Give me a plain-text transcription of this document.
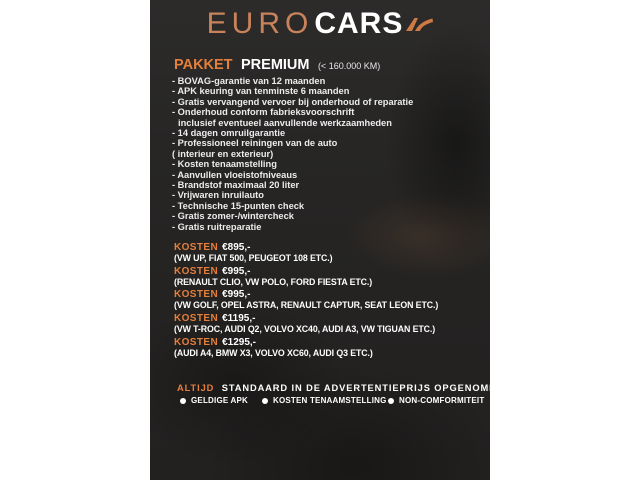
EURO CARS
PAKKET PREMIUM (< 160.000 KM)
- BOVAG-garantie van 12 maanden
- APK keuring van tenminste 6 maanden
- Gratis vervangend vervoer bij onderhoud of reparatie
- Onderhoud conform fabrieksvoorschrift
inclusief eventueel aanvullende werkzaamheden
- 14 dagen omruilgarantie
- Professioneel reiningen van de auto
( interieur en exterieur)
- Kosten tenaamstelling
- Aanvullen vloeistofniveaus
- Brandstof maximaal 20 liter
- Vrijwaren inruilauto
- Technische 15-punten check
- Gratis zomer-/wintercheck
- Gratis ruitreparatie
KOSTEN €895,-
(VW UP, FIAT 500, PEUGEOT 108 ETC.)
KOSTEN €995,-
(RENAULT CLIO, VW POLO, FORD FIESTA ETC.)
KOSTEN €995,-
(VW GOLF, OPEL ASTRA, RENAULT CAPTUR, SEAT LEON ETC.)
KOSTEN €1195,-
(VW T-ROC, AUDI Q2, VOLVO XC40, AUDI A3, VW TIGUAN ETC.)
KOSTEN €1295,-
(AUDI A4, BMW X3, VOLVO XC60, AUDI Q3 ETC.)
ALTIJD STANDAARD IN DE ADVERTENTIEPRIJS OPGENOMEN:
GELDIGE APK	KOSTEN TENAAMSTELLING NON-COMFORMITEIT
